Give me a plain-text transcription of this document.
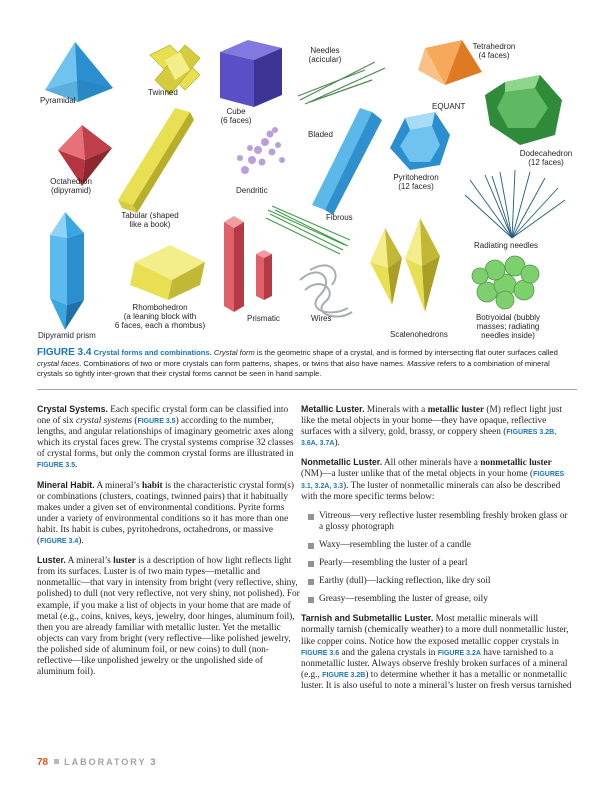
Pyramidal
Twinned
Cube
(6 faces)
Needles
(acicular)
Tetrahedron
(4 faces)
EQUANT
Dodecahedron
(12 faces)
Bladed
Octahedron
(dipyramid)	Dendritic
Pyritohedron
(12 faces)
Tabular (shaped
like a book)
Fibrous
Radiating needles
Rhombohedron
(a leaning block with
6 faces, each a rhombus)
Prismatic	Wires
Scalenohedrons
Botryoidal (bubbly
masses; radiating
needles inside)
Dipyramid prism
FIGURE 3.4 Crystal forms and combinations. Crystal form is the geometric shape of a crystal, and is formed by intersecting flat outer surfaces called crystal faces. Combinations of two or more crystals can form patterns, shapes, or twins that also have names. Massive refers to a combination of mineral crystals so tightly inter-grown that their crystal forms cannot be seen in hand sample.

Crystal Systems. Each specific crystal form can be classified into one of six crystal systems (FIGURE 3.5) according to the number, lengths, and angular relationships of imaginary geometric axes along which its crystal faces grew. The crystal systems comprise 32 classes of crystal forms, but only the common crystal forms are illustrated in FIGURE 3.5.

Mineral Habit. A mineral’s habit is the characteristic crystal form(s) or combinations (clusters, coatings, twinned pairs) that it habitually makes under a given set of environmental conditions. Pyrite forms under a variety of environmental conditions so it has more than one habit. Its habit is cubes, pyritohedrons, octahedrons, or massive (FIGURE 3.4).

Luster. A mineral’s luster is a description of how light reflects light from its surfaces. Luster is of two main types—metallic and nonmetallic—that vary in intensity from bright (very reflective, shiny, polished) to dull (not very reflective, not very shiny, not polished). For example, if you make a list of objects in your home that are made of metal (e.g., coins, knives, keys, jewelry, door hinges, aluminum foil), then you are already familiar with metallic luster. Yet the metallic objects can vary from bright (very reflective—like polished jewelry, the polished side of aluminum foil, or new coins) to dull (non-reflective—like unpolished jewelry or the unpolished side of aluminum foil).

Metallic Luster. Minerals with a metallic luster (M) reflect light just like the metal objects in your home—they have opaque, reflective surfaces with a silvery, gold, brassy, or coppery sheen (FIGURES 3.2B, 3.6A, 3.7A).

Nonmetallic Luster. All other minerals have a nonmetallic luster (NM)—a luster unlike that of the metal objects in your home (FIGURES 3.1, 3.2A, 3.3). The luster of nonmetallic minerals can also be described with the more specific terms below:

Vitreous—very reflective luster resembling freshly broken glass or a glossy photograph
Waxy—resembling the luster of a candle
Pearly—resembling the luster of a pearl
Earthy (dull)—lacking reflection, like dry soil
Greasy—resembling the luster of grease, oily

Tarnish and Submetallic Luster. Most metallic minerals will normally tarnish (chemically weather) to a more dull nonmetallic luster, like copper coins. Notice how the exposed metallic copper crystals in FIGURE 3.6 and the galena crystals in FIGURE 3.2A have tarnished to a nonmetallic luster. Always observe freshly broken surfaces of a mineral (e.g., FIGURE 3.2B) to determine whether it has a metallic or nonmetallic luster. It is also useful to note a mineral’s luster on fresh versus tarnished

78 LABORATORY 3
